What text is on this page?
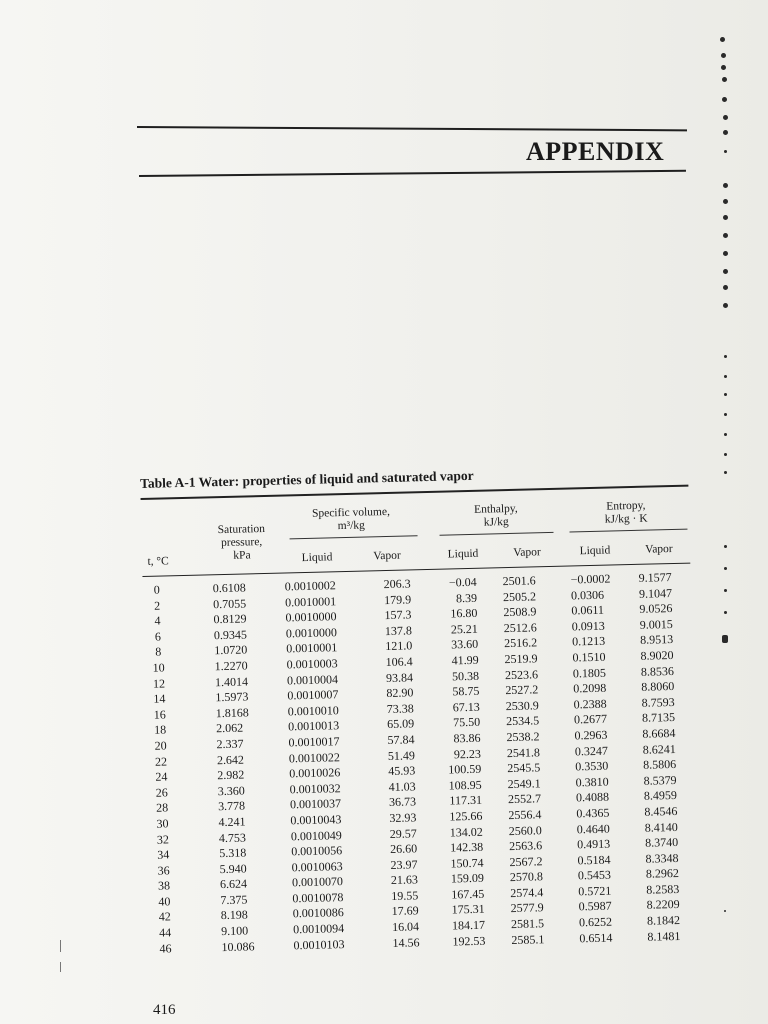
APPENDIX
Table A-1 Water: properties of liquid and saturated vapor
t, °C
Saturation
pressure,
kPa
Specific volume,
m³/kg
Liquid	Vapor
Enthalpy,
kJ/kg
Liquid	Vapor
Entropy,
kJ/kg · K
Liquid	Vapor
0	0.6108	0.0010002	206.3	−0.04 2501.6	−0.0002 9.1577
2	0.7055	0.0010001	179.9	8.39 2505.2	0.0306	9.1047
4	0.8129	0.0010000	157.3	16.80 2508.9	0.0611	9.0526
6	0.9345	0.0010000	137.8	25.21 2512.6	0.0913	9.0015
8	1.0720	0.0010001	121.0	33.60 2516.2	0.1213	8.9513
10	1.2270	0.0010003	106.4	41.99 2519.9	0.1510	8.9020
12	1.4014	0.0010004	93.84	50.38 2523.6	0.1805	8.8536
14	1.5973	0.0010007	82.90	58.75 2527.2	0.2098	8.8060
16	1.8168	0.0010010	73.38	67.13 2530.9	0.2388	8.7593
18	2.062	0.0010013	65.09	75.50 2534.5	0.2677	8.7135
20	2.337	0.0010017	57.84	83.86 2538.2	0.2963	8.6684
22	2.642	0.0010022	51.49	92.23 2541.8	0.3247	8.6241
24	2.982	0.0010026	45.93	100.59 2545.5	0.3530	8.5806
26	3.360	0.0010032	41.03	108.95 2549.1	0.3810	8.5379
28	3.778	0.0010037	36.73	117.31 2552.7	0.4088	8.4959
30	4.241	0.0010043	32.93	125.66 2556.4	0.4365	8.4546
32	4.753	0.0010049	29.57	134.02 2560.0	0.4640	8.4140
34	5.318	0.0010056	26.60	142.38 2563.6	0.4913	8.3740
36	5.940	0.0010063	23.97	150.74 2567.2	0.5184	8.3348
38	6.624	0.0010070	21.63	159.09 2570.8	0.5453	8.2962
40	7.375	0.0010078	19.55	167.45 2574.4	0.5721	8.2583
42	8.198	0.0010086	17.69	175.31 2577.9	0.5987	8.2209
44	9.100	0.0010094	16.04	184.17 2581.5	0.6252	8.1842
46	10.086	0.0010103	14.56	192.53 2585.1	0.6514	8.1481
416
